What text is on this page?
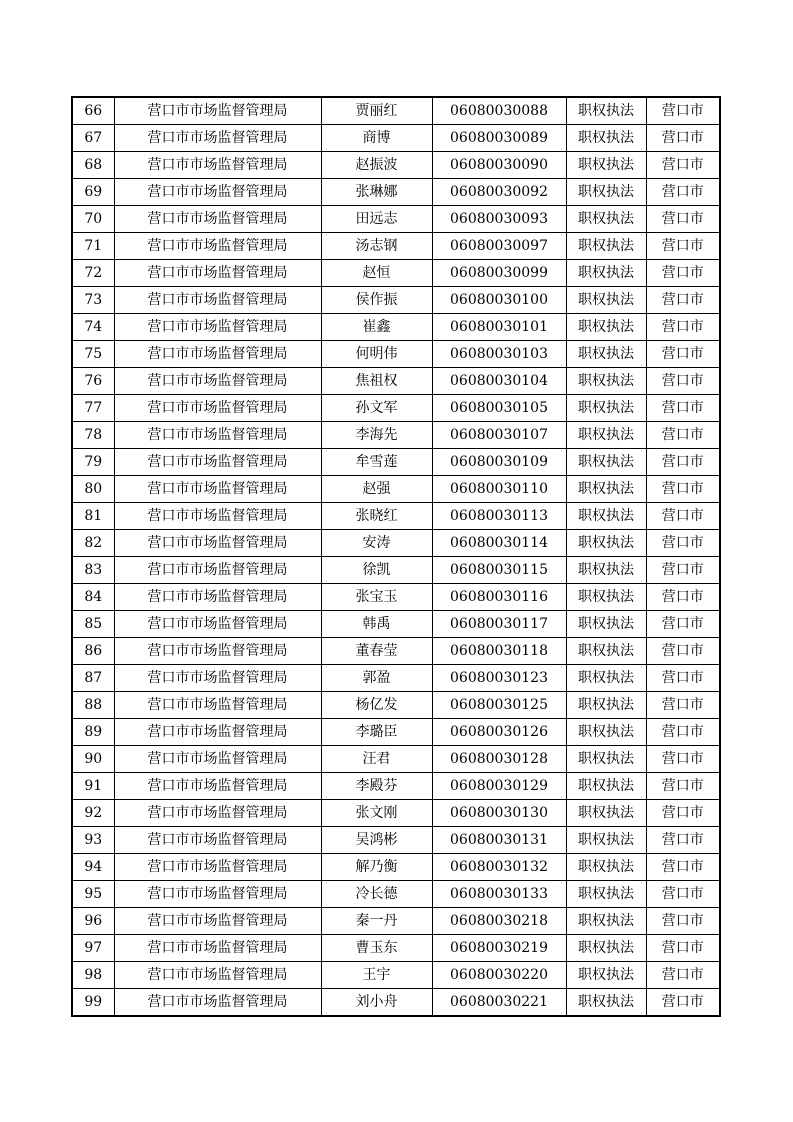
66	营口市市场监督管理局	贾丽红	06080030088	职权执法	营口市
67	营口市市场监督管理局	商博	06080030089	职权执法	营口市
68	营口市市场监督管理局	赵振波	06080030090	职权执法	营口市
69	营口市市场监督管理局	张琳娜	06080030092	职权执法	营口市
70	营口市市场监督管理局	田远志	06080030093	职权执法	营口市
71	营口市市场监督管理局	汤志钢	06080030097	职权执法	营口市
72	营口市市场监督管理局	赵恒	06080030099	职权执法	营口市
73	营口市市场监督管理局	侯作振	06080030100	职权执法	营口市
74	营口市市场监督管理局	崔鑫	06080030101	职权执法	营口市
75	营口市市场监督管理局	何明伟	06080030103	职权执法	营口市
76	营口市市场监督管理局	焦祖权	06080030104	职权执法	营口市
77	营口市市场监督管理局	孙文军	06080030105	职权执法	营口市
78	营口市市场监督管理局	李海先	06080030107	职权执法	营口市
79	营口市市场监督管理局	牟雪莲	06080030109	职权执法	营口市
80	营口市市场监督管理局	赵强	06080030110	职权执法	营口市
81	营口市市场监督管理局	张晓红	06080030113	职权执法	营口市
82	营口市市场监督管理局	安涛	06080030114	职权执法	营口市
83	营口市市场监督管理局	徐凯	06080030115	职权执法	营口市
84	营口市市场监督管理局	张宝玉	06080030116	职权执法	营口市
85	营口市市场监督管理局	韩禹	06080030117	职权执法	营口市
86	营口市市场监督管理局	董春莹	06080030118	职权执法	营口市
87	营口市市场监督管理局	郭盈	06080030123	职权执法	营口市
88	营口市市场监督管理局	杨亿发	06080030125	职权执法	营口市
89	营口市市场监督管理局	李璐臣	06080030126	职权执法	营口市
90	营口市市场监督管理局	汪君	06080030128	职权执法	营口市
91	营口市市场监督管理局	李殿芬	06080030129	职权执法	营口市
92	营口市市场监督管理局	张文刚	06080030130	职权执法	营口市
93	营口市市场监督管理局	吴鸿彬	06080030131	职权执法	营口市
94	营口市市场监督管理局	解乃衡	06080030132	职权执法	营口市
95	营口市市场监督管理局	冷长德	06080030133	职权执法	营口市
96	营口市市场监督管理局	秦一丹	06080030218	职权执法	营口市
97	营口市市场监督管理局	曹玉东	06080030219	职权执法	营口市
98	营口市市场监督管理局	王宇	06080030220	职权执法	营口市
99	营口市市场监督管理局	刘小舟	06080030221	职权执法	营口市
